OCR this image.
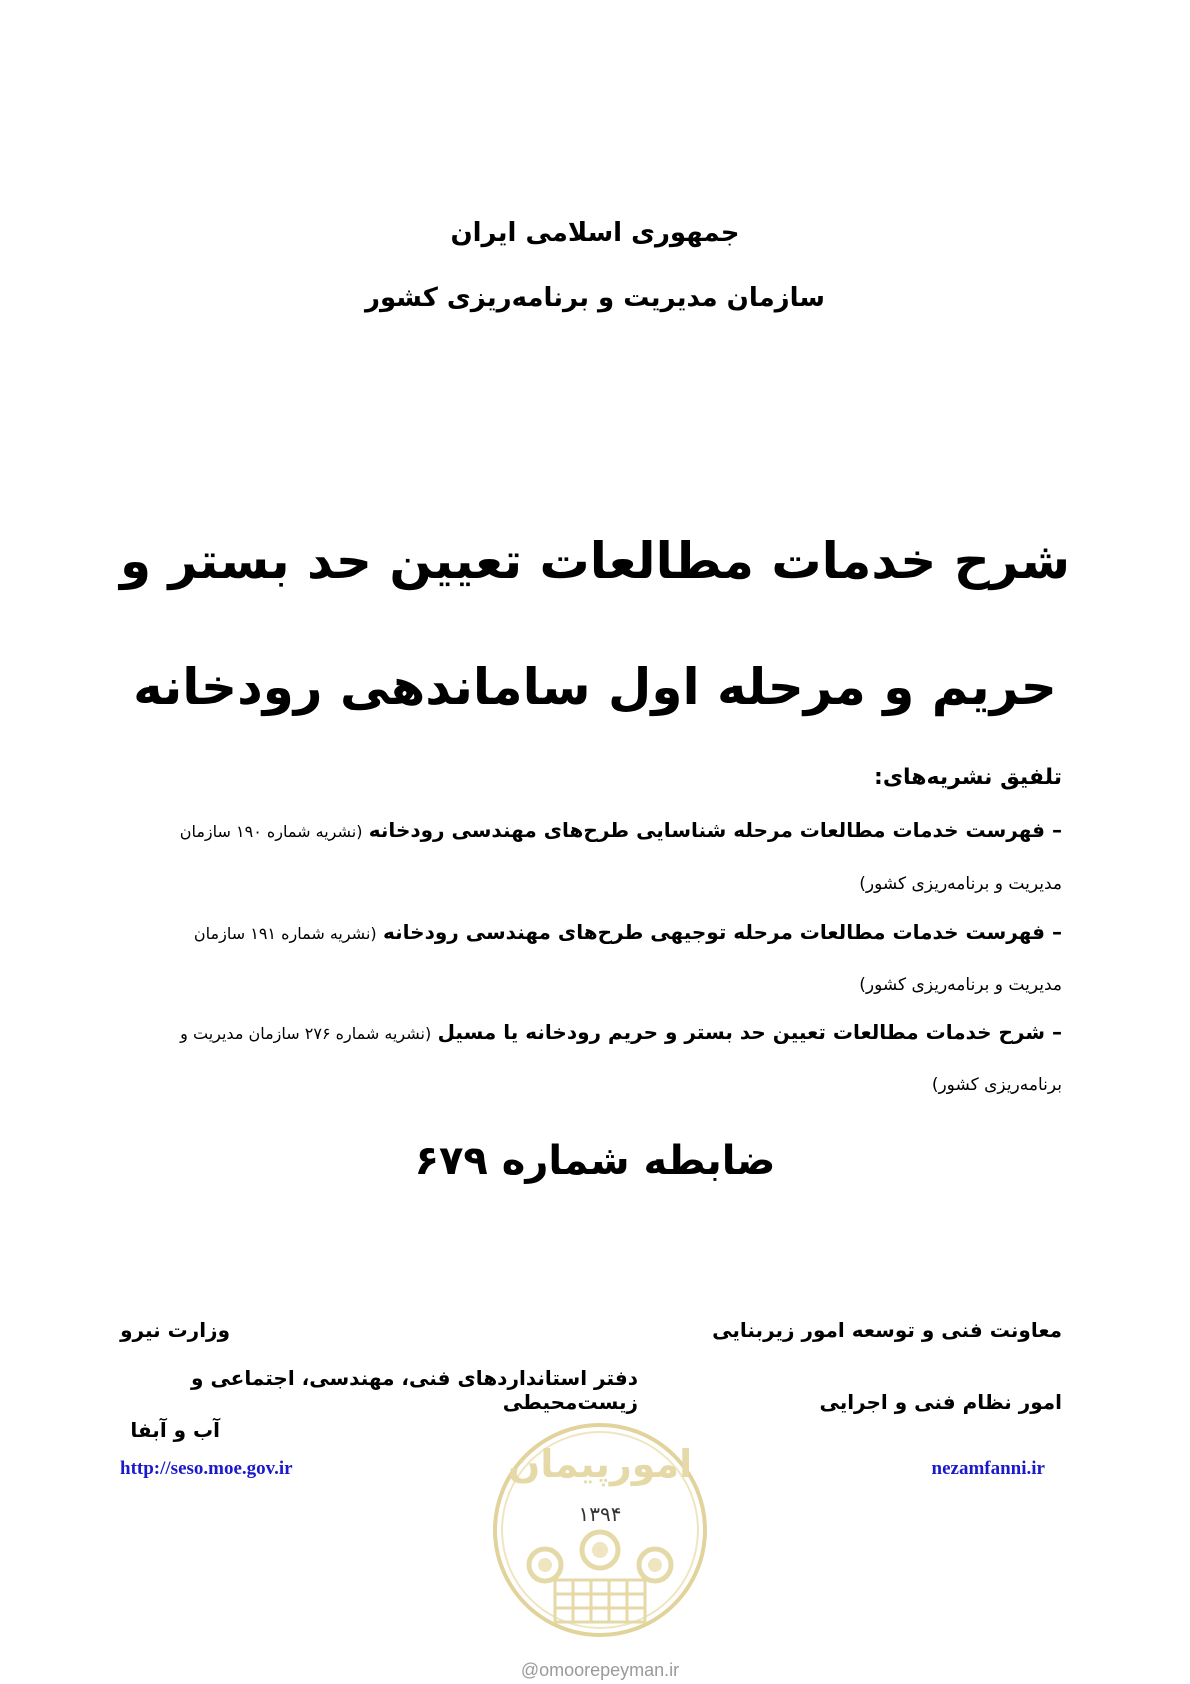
جمهوری اسلامی ایران
سازمان مدیریت و برنامه‌ریزی کشور
شرح خدمات مطالعات تعیین حد بستر و
حریم و مرحله اول ساماندهی رودخانه
تلفیق نشریه‌های:
– فهرست خدمات مطالعات مرحله شناسایی طرح‌های مهندسی رودخانه (نشریه شماره ۱۹۰ سازمان
مدیریت و برنامه‌ریزی کشور)
– فهرست خدمات مطالعات مرحله توجیهی طرح‌های مهندسی رودخانه (نشریه شماره ۱۹۱ سازمان
مدیریت و برنامه‌ریزی کشور)
– شرح خدمات مطالعات تعیین حد بستر و حریم رودخانه یا مسیل (نشریه شماره ۲۷۶ سازمان مدیریت و
برنامه‌ریزی کشور)
ضابطه شماره ۶۷۹
معاونت فنی و توسعه امور زیربنایی
امور نظام فنی و اجرایی
nezamfanni.ir
وزارت نیرو
دفتر استانداردهای فنی، مهندسی، اجتماعی و زیست‌محیطی
آب و آبفا
http://seso.moe.gov.ir	امورپیمان
۱۳۹۴
@omoorepeyman.ir
